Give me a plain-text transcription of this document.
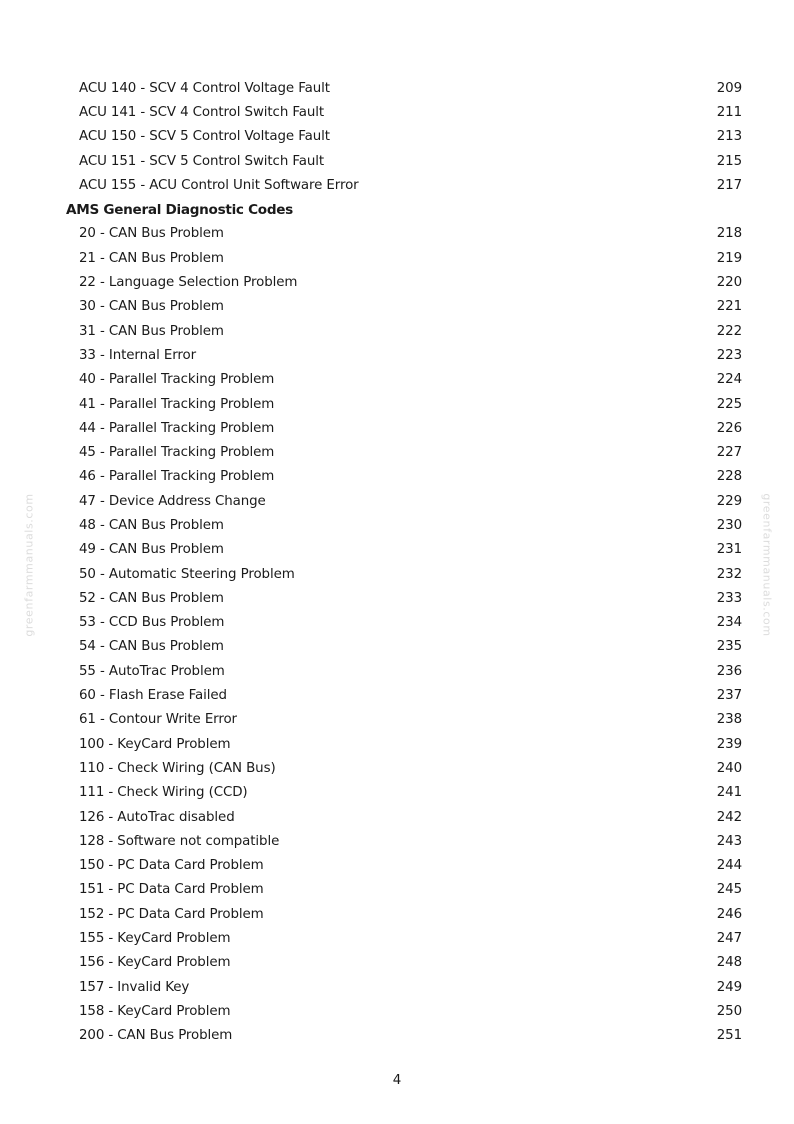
ACU 140 - SCV 4 Control Voltage Fault	209
ACU 141 - SCV 4 Control Switch Fault	211
ACU 150 - SCV 5 Control Voltage Fault	213
ACU 151 - SCV 5 Control Switch Fault	215
ACU 155 - ACU Control Unit Software Error	217
AMS General Diagnostic Codes
20 - CAN Bus Problem	218
21 - CAN Bus Problem	219
22 - Language Selection Problem	220
30 - CAN Bus Problem	221
31 - CAN Bus Problem	222
33 - Internal Error	223
40 - Parallel Tracking Problem	224
41 - Parallel Tracking Problem	225
44 - Parallel Tracking Problem	226
45 - Parallel Tracking Problem	227
46 - Parallel Tracking Problem	228
47 - Device Address Change	229
48 - CAN Bus Problem	230
49 - CAN Bus Problem	231
50 - Automatic Steering Problem	232
52 - CAN Bus Problem	233
53 - CCD Bus Problem	234
54 - CAN Bus Problem	235
55 - AutoTrac Problem	236
60 - Flash Erase Failed	237
61 - Contour Write Error	238
100 - KeyCard Problem	239
110 - Check Wiring (CAN Bus)	240
111 - Check Wiring (CCD)	241
126 - AutoTrac disabled	242
128 - Software not compatible	243
150 - PC Data Card Problem	244
151 - PC Data Card Problem	245
152 - PC Data Card Problem	246
155 - KeyCard Problem	247
156 - KeyCard Problem	248
157 - Invalid Key	249
158 - KeyCard Problem	250
200 - CAN Bus Problem	251
greenfarmmanuals.com	greenfarmmanuals.com
4
